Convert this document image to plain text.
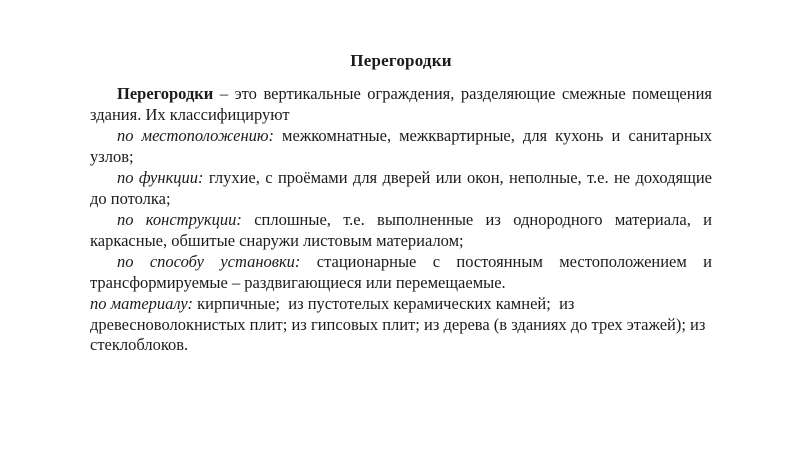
Перегородки

Перегородки – это вертикальные ограждения, разделяющие смежные помещения здания. Их классифицируют

по местоположению: межкомнатные, межквартирные, для кухонь и санитарных узлов;

по функции: глухие, с проёмами для дверей или окон, неполные, т.е. не доходящие до потолка;

по конструкции: сплошные, т.е. выполненные из однородного материала, и каркасные, обшитые снаружи листовым материалом;

по способу установки: стационарные с постоянным местоположением и трансформируемые – раздвигающиеся или перемещаемые.

по материалу: кирпичные;  из пустотелых керамических камней;  из древесноволокнистых плит; из гипсовых плит; из дерева (в зданиях до трех этажей); из стеклоблоков.
